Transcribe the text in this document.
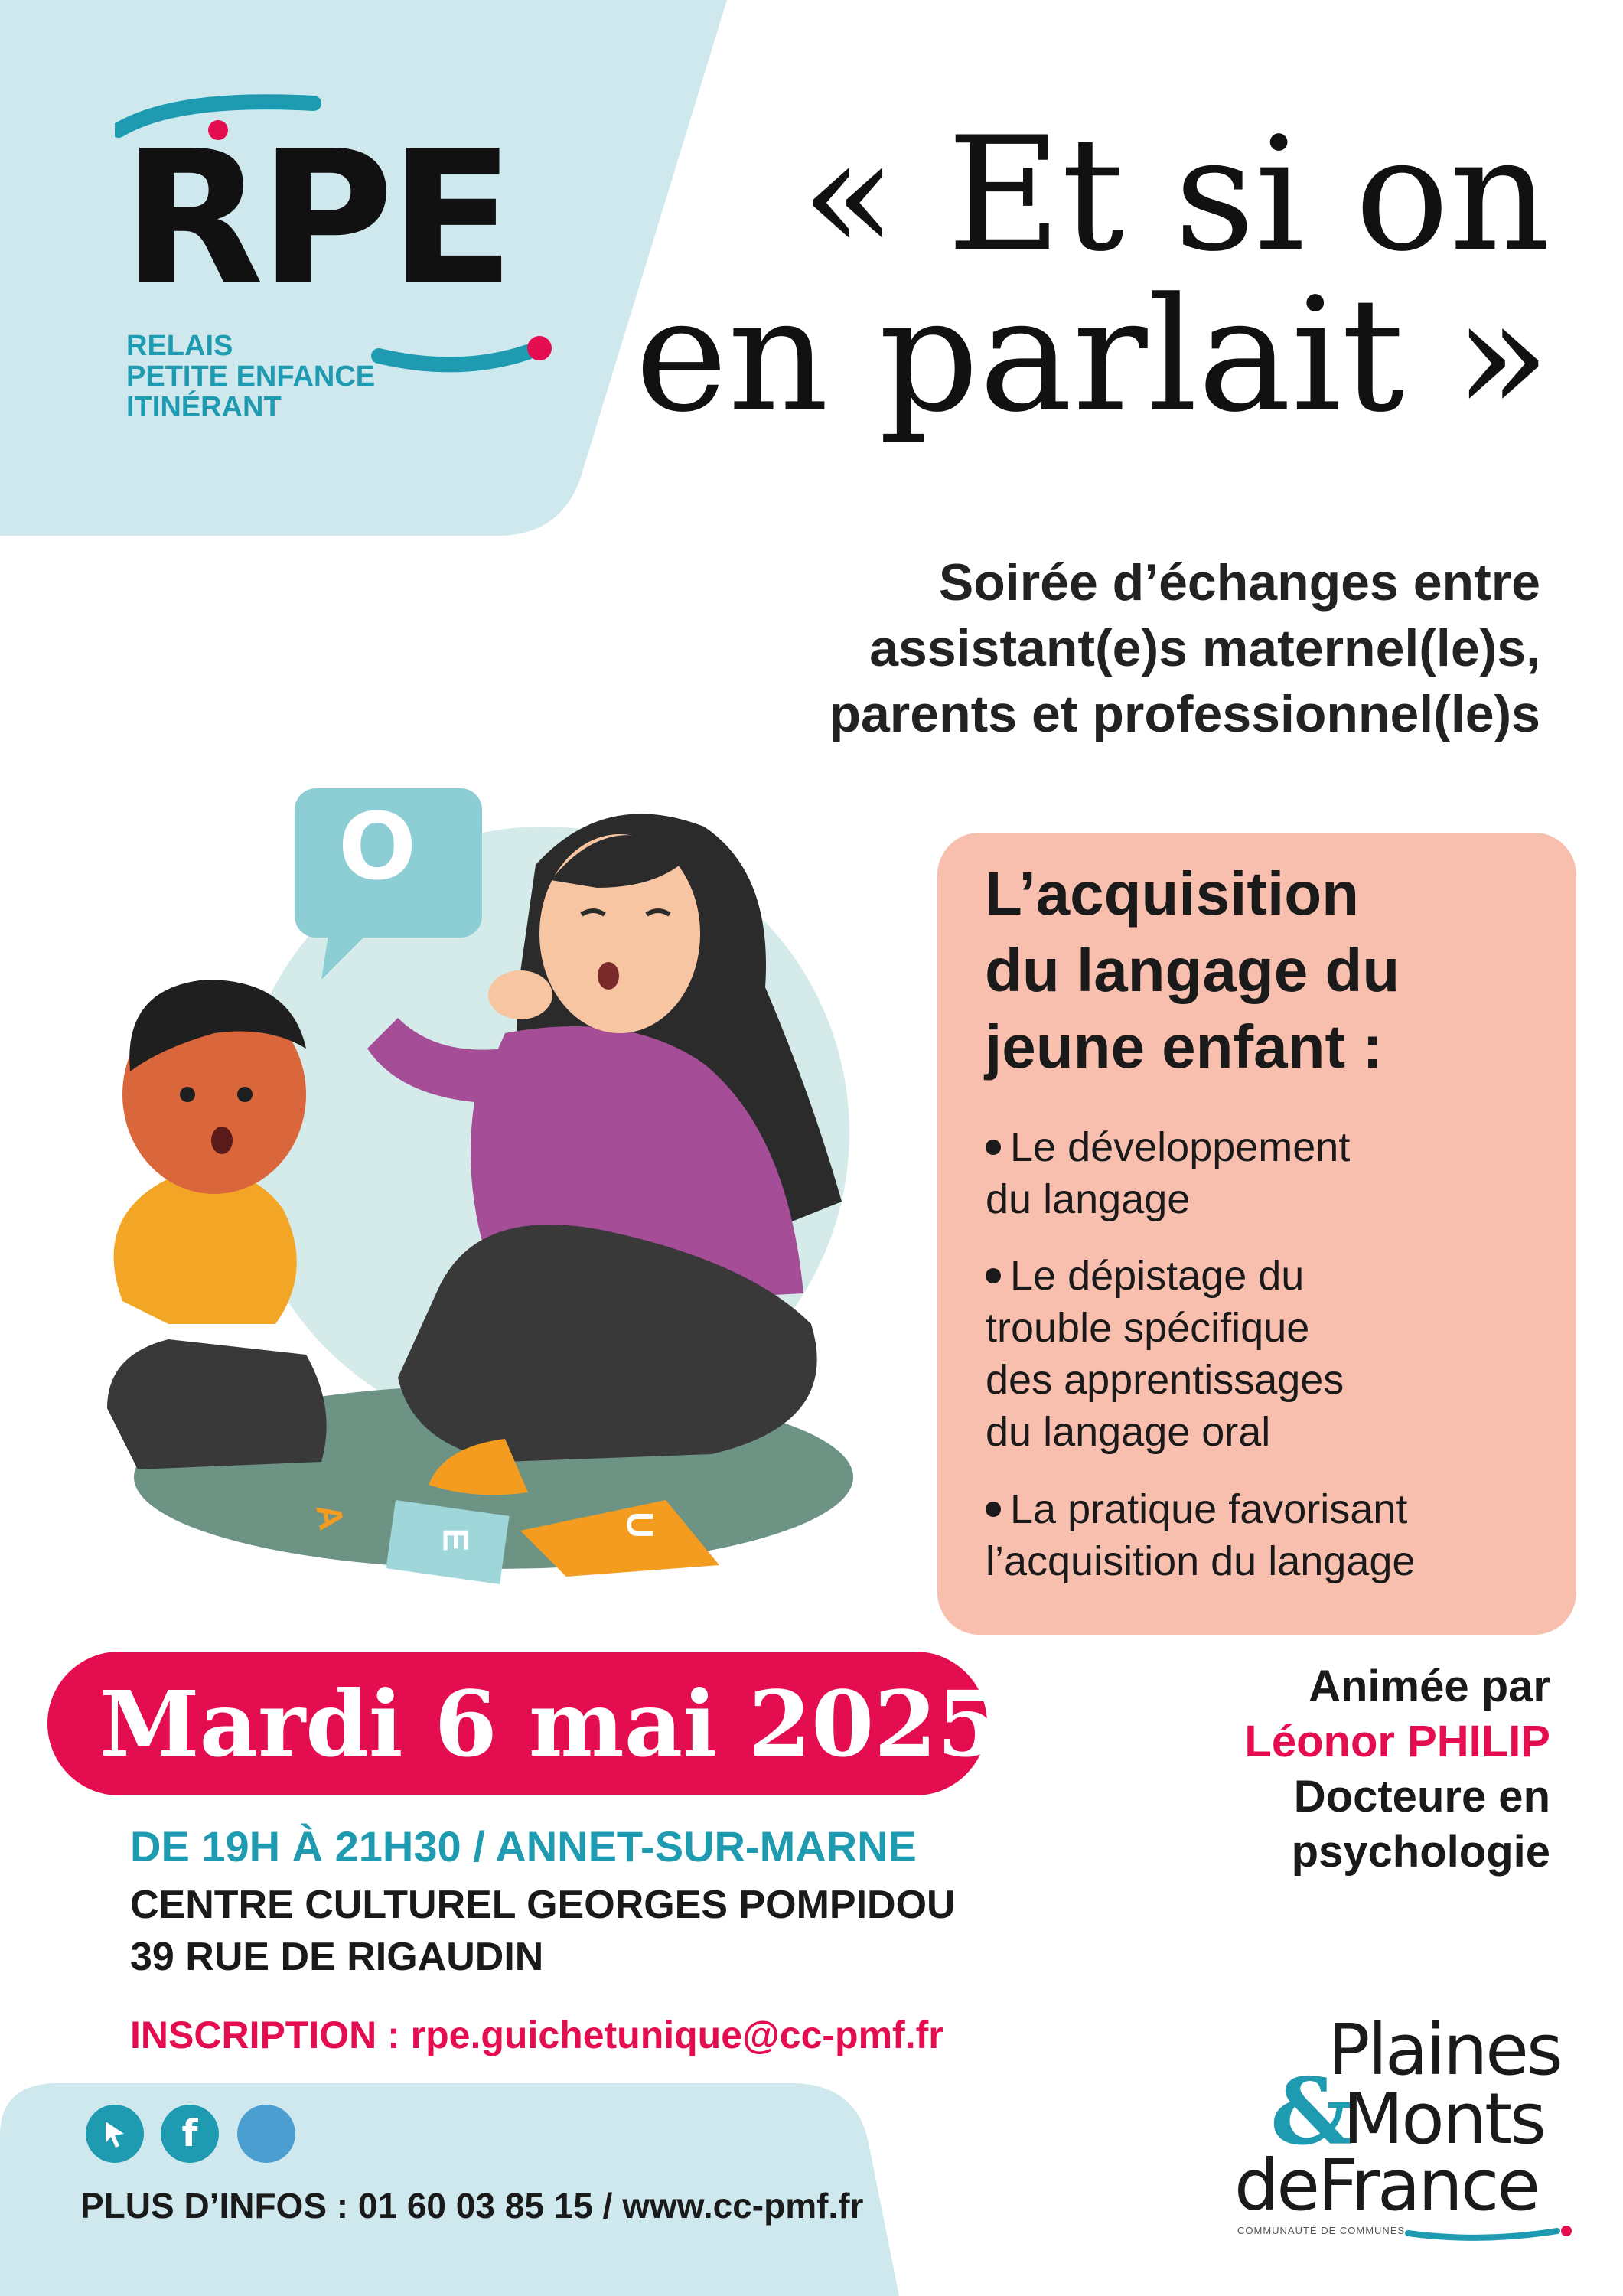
RPE
RELAIS
PETITE ENFANCE
ITINÉRANT
« Et si on
en parlait »
Soirée d’échanges entre
assistant(e)s maternel(le)s,
parents et professionnel(le)s
O
A
E
U
L’acquisition
du langage du
jeune enfant :
Le développement
du langage
Le dépistage du
trouble spécifique
des apprentissages
du langage oral
La pratique favorisant
l’acquisition du langage
Mardi 6 mai 2025
DE 19H À 21H30 / ANNET-SUR-MARNE
CENTRE CULTUREL GEORGES POMPIDOU
39 RUE DE RIGAUDIN
INSCRIPTION : rpe.guichetunique@cc-pmf.fr
Animée par
Léonor PHILIP
Docteure en
psychologie
f
PLUS D’INFOS : 01 60 03 85 15 / www.cc-pmf.fr
Plaines
&
Monts
deFrance
COMMUNAUTÉ DE COMMUNES
